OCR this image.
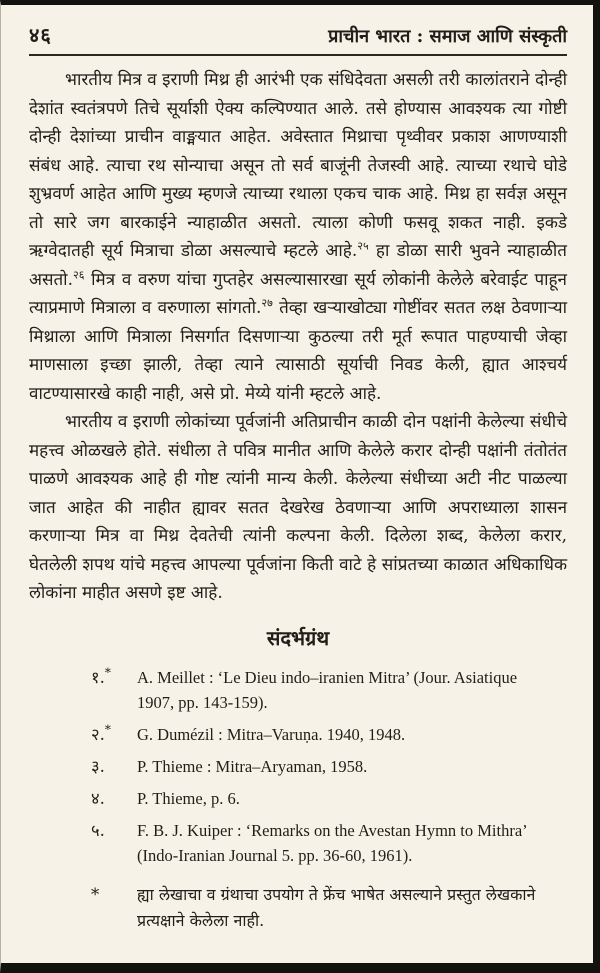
४६	प्राचीन भारत : समाज आणि संस्कृती

भारतीय मित्र व इराणी मिथ्र ही आरंभी एक संधिदेवता असली तरी कालांतराने दोन्ही देशांत स्वतंत्रपणे तिचे सूर्याशी ऐक्य कल्पिण्यात आले. तसे होण्यास आवश्यक त्या गोष्टी दोन्ही देशांच्या प्राचीन वाङ्मयात आहेत. अवेस्तात मिथ्राचा पृथ्वीवर प्रकाश आणण्याशी संबंध आहे. त्याचा रथ सोन्याचा असून तो सर्व बाजूंनी तेजस्वी आहे. त्याच्या रथाचे घोडे शुभ्रवर्ण आहेत आणि मुख्य म्हणजे त्याच्या रथाला एकच चाक आहे. मिथ्र हा सर्वज्ञ असून तो सारे जग बारकाईने न्याहाळीत असतो. त्याला कोणी फसवू शकत नाही. इकडे ऋग्वेदातही सूर्य मित्राचा डोळा असल्याचे म्हटले आहे.$^{२५}$ हा डोळा सारी भुवने न्याहाळीत असतो.$^{२६}$ मित्र व वरुण यांचा गुप्तहेर असल्यासारखा सूर्य लोकांनी केलेले बरेवाईट पाहून त्याप्रमाणे मित्राला व वरुणाला सांगतो.$^{२७}$ तेव्हा खऱ्याखोट्या गोष्टींवर सतत लक्ष ठेवणाऱ्या मिथ्राला आणि मित्राला निसर्गात दिसणाऱ्या कुठल्या तरी मूर्त रूपात पाहण्याची जेव्हा माणसाला इच्छा झाली, तेव्हा त्याने त्यासाठी सूर्याची निवड केली, ह्यात आश्चर्य वाटण्यासारखे काही नाही, असे प्रो. मेय्ये यांनी म्हटले आहे.

भारतीय व इराणी लोकांच्या पूर्वजांनी अतिप्राचीन काळी दोन पक्षांनी केलेल्या संधीचे महत्त्व ओळखले होते. संधीला ते पवित्र मानीत आणि केलेले करार दोन्ही पक्षांनी तंतोतंत पाळणे आवश्यक आहे ही गोष्ट त्यांनी मान्य केली. केलेल्या संधीच्या अटी नीट पाळल्या जात आहेत की नाहीत ह्यावर सतत देखरेख ठेवणाऱ्या आणि अपराध्याला शासन करणाऱ्या मित्र वा मिथ्र देवतेची त्यांनी कल्पना केली. दिलेला शब्द, केलेला करार, घेतलेली शपथ यांचे महत्त्व आपल्या पूर्वजांना किती वाटे हे सांप्रतच्या काळात अधिकाधिक लोकांना माहीत असणे इष्ट आहे.

संदर्भग्रंथ
१.*	A. Meillet : ‘Le Dieu indo–iranien Mitra’ (Jour. Asiatique 1907, pp. 143-159).
२.*	G. Dumézil : Mitra–Varuṇa. 1940, 1948.
३.	P. Thieme : Mitra–Aryaman, 1958.
४.	P. Thieme, p. 6.
५.	F. B. J. Kuiper : ‘Remarks on the Avestan Hymn to Mithra’ (Indo-Iranian Journal 5. pp. 36-60, 1961).
*	ह्या लेखाचा व ग्रंथाचा उपयोग ते फ्रेंच भाषेत असल्याने प्रस्तुत लेखकाने प्रत्यक्षाने केलेला नाही.
